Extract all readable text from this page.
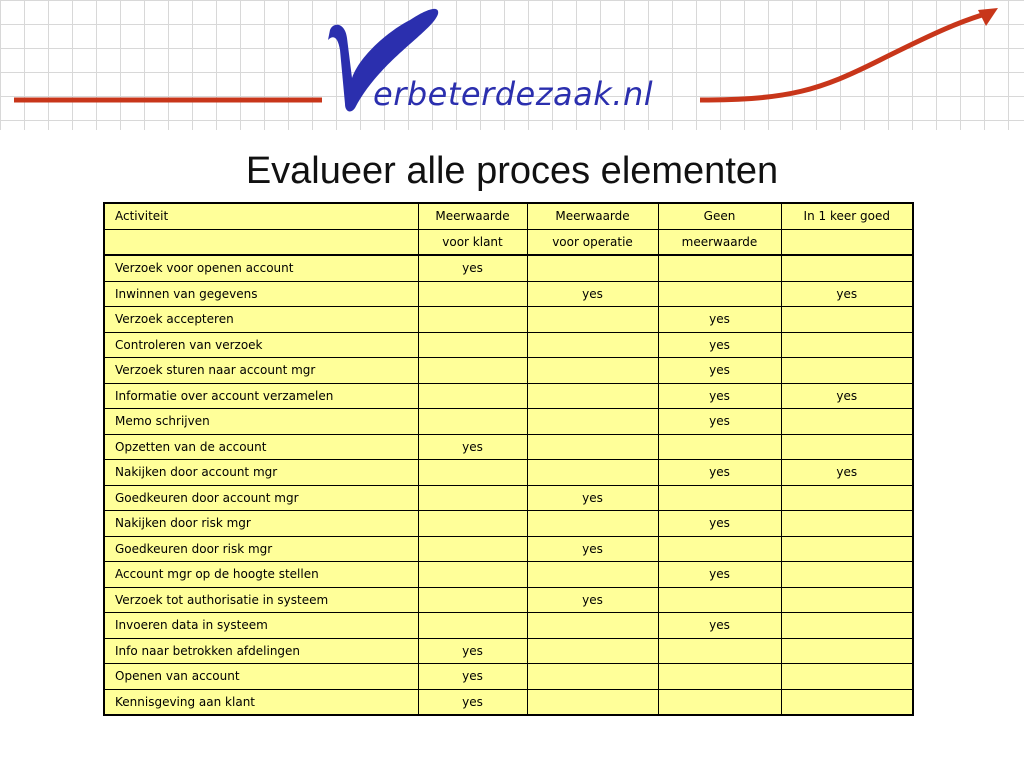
erbeterdezaak.nl
Evalueer alle proces elementen
Activiteit	Meerwaarde	Meerwaarde	Geen	In 1 keer goed
	voor klant	voor operatie	meerwaarde	
Verzoek voor openen account	yes			
Inwinnen van gegevens		yes		yes
Verzoek accepteren			yes	
Controleren van verzoek			yes	
Verzoek sturen naar account mgr			yes	
Informatie over account verzamelen			yes	yes
Memo schrijven			yes	
Opzetten van de account	yes			
Nakijken door account mgr			yes	yes
Goedkeuren door account mgr		yes		
Nakijken door risk mgr			yes	
Goedkeuren door risk mgr		yes		
Account mgr op de hoogte stellen			yes	
Verzoek tot authorisatie in systeem		yes		
Invoeren data in systeem			yes	
Info naar betrokken afdelingen	yes			
Openen van account	yes			
Kennisgeving aan klant	yes			
